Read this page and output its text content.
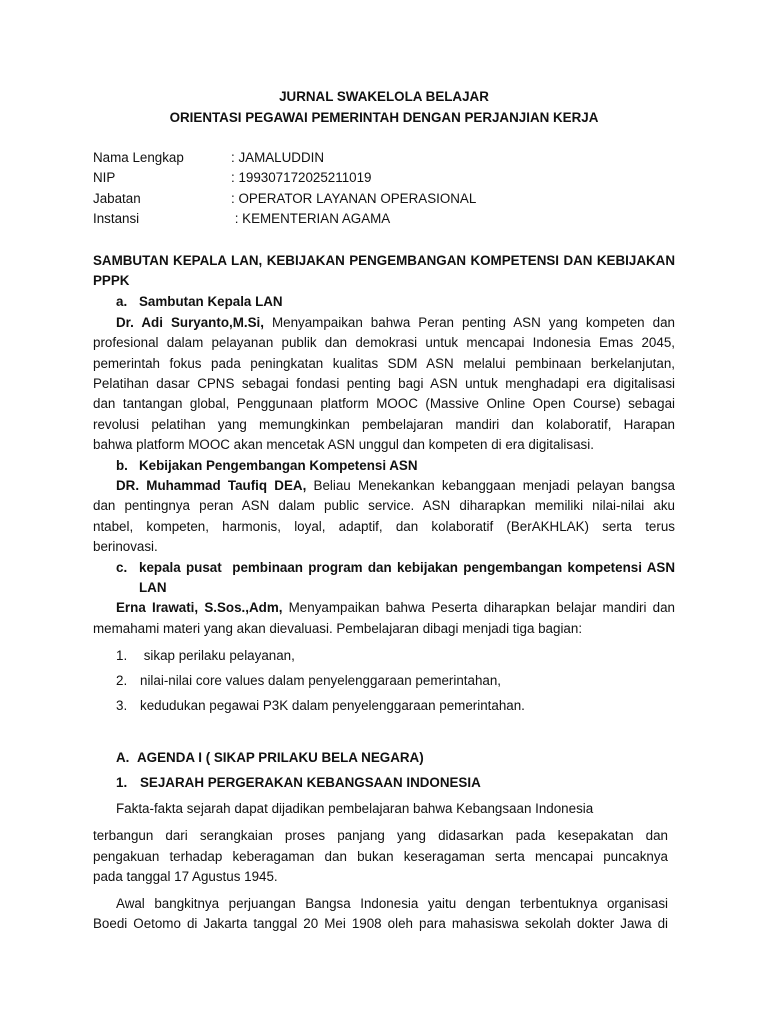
JURNAL SWAKELOLA BELAJAR
ORIENTASI PEGAWAI PEMERINTAH DENGAN PERJANJIAN KERJA
Nama Lengkap	: JAMALUDDIN
NIP	: 199307172025211019
Jabatan	: OPERATOR LAYANAN OPERASIONAL
Instansi	: KEMENTERIAN AGAMA
SAMBUTAN KEPALA LAN, KEBIJAKAN PENGEMBANGAN KOMPETENSI DAN KEBIJAKAN
PPPK
a. Sambutan Kepala LAN
Dr. Adi Suryanto,M.Si, Menyampaikan bahwa Peran penting ASN yang kompeten dan
profesional dalam pelayanan publik dan demokrasi untuk mencapai Indonesia Emas 2045,
pemerintah fokus pada peningkatan kualitas SDM ASN melalui pembinaan berkelanjutan,
Pelatihan dasar CPNS sebagai fondasi penting bagi ASN untuk menghadapi era digitalisasi
dan tantangan global, Penggunaan platform MOOC (Massive Online Open Course) sebagai
revolusi pelatihan yang memungkinkan pembelajaran mandiri dan kolaboratif, Harapan
bahwa platform MOOC akan mencetak ASN unggul dan kompeten di era digitalisasi.
b. Kebijakan Pengembangan Kompetensi ASN
DR. Muhammad Taufiq DEA, Beliau Menekankan kebanggaan menjadi pelayan bangsa
dan pentingnya peran ASN dalam public service. ASN diharapkan memiliki nilai-nilai aku
ntabel, kompeten, harmonis, loyal, adaptif, dan kolaboratif (BerAKHLAK) serta terus
berinovasi.
c. kepala pusat  pembinaan program dan kebijakan pengembangan kompetensi ASN
LAN
Erna Irawati, S.Sos.,Adm, Menyampaikan bahwa Peserta diharapkan belajar mandiri dan
memahami materi yang akan dievaluasi. Pembelajaran dibagi menjadi tiga bagian:
1. sikap perilaku pelayanan,
2. nilai-nilai core values dalam penyelenggaraan pemerintahan,
3. kedudukan pegawai P3K dalam penyelenggaraan pemerintahan.
A. AGENDA I ( SIKAP PRILAKU BELA NEGARA)
1. SEJARAH PERGERAKAN KEBANGSAAN INDONESIA
Fakta-fakta sejarah dapat dijadikan pembelajaran bahwa Kebangsaan Indonesia
terbangun dari serangkaian proses panjang yang didasarkan pada kesepakatan dan
pengakuan terhadap keberagaman dan bukan keseragaman serta mencapai puncaknya
pada tanggal 17 Agustus 1945.
Awal bangkitnya perjuangan Bangsa Indonesia yaitu dengan terbentuknya organisasi
Boedi Oetomo di Jakarta tanggal 20 Mei 1908 oleh para mahasiswa sekolah dokter Jawa di
